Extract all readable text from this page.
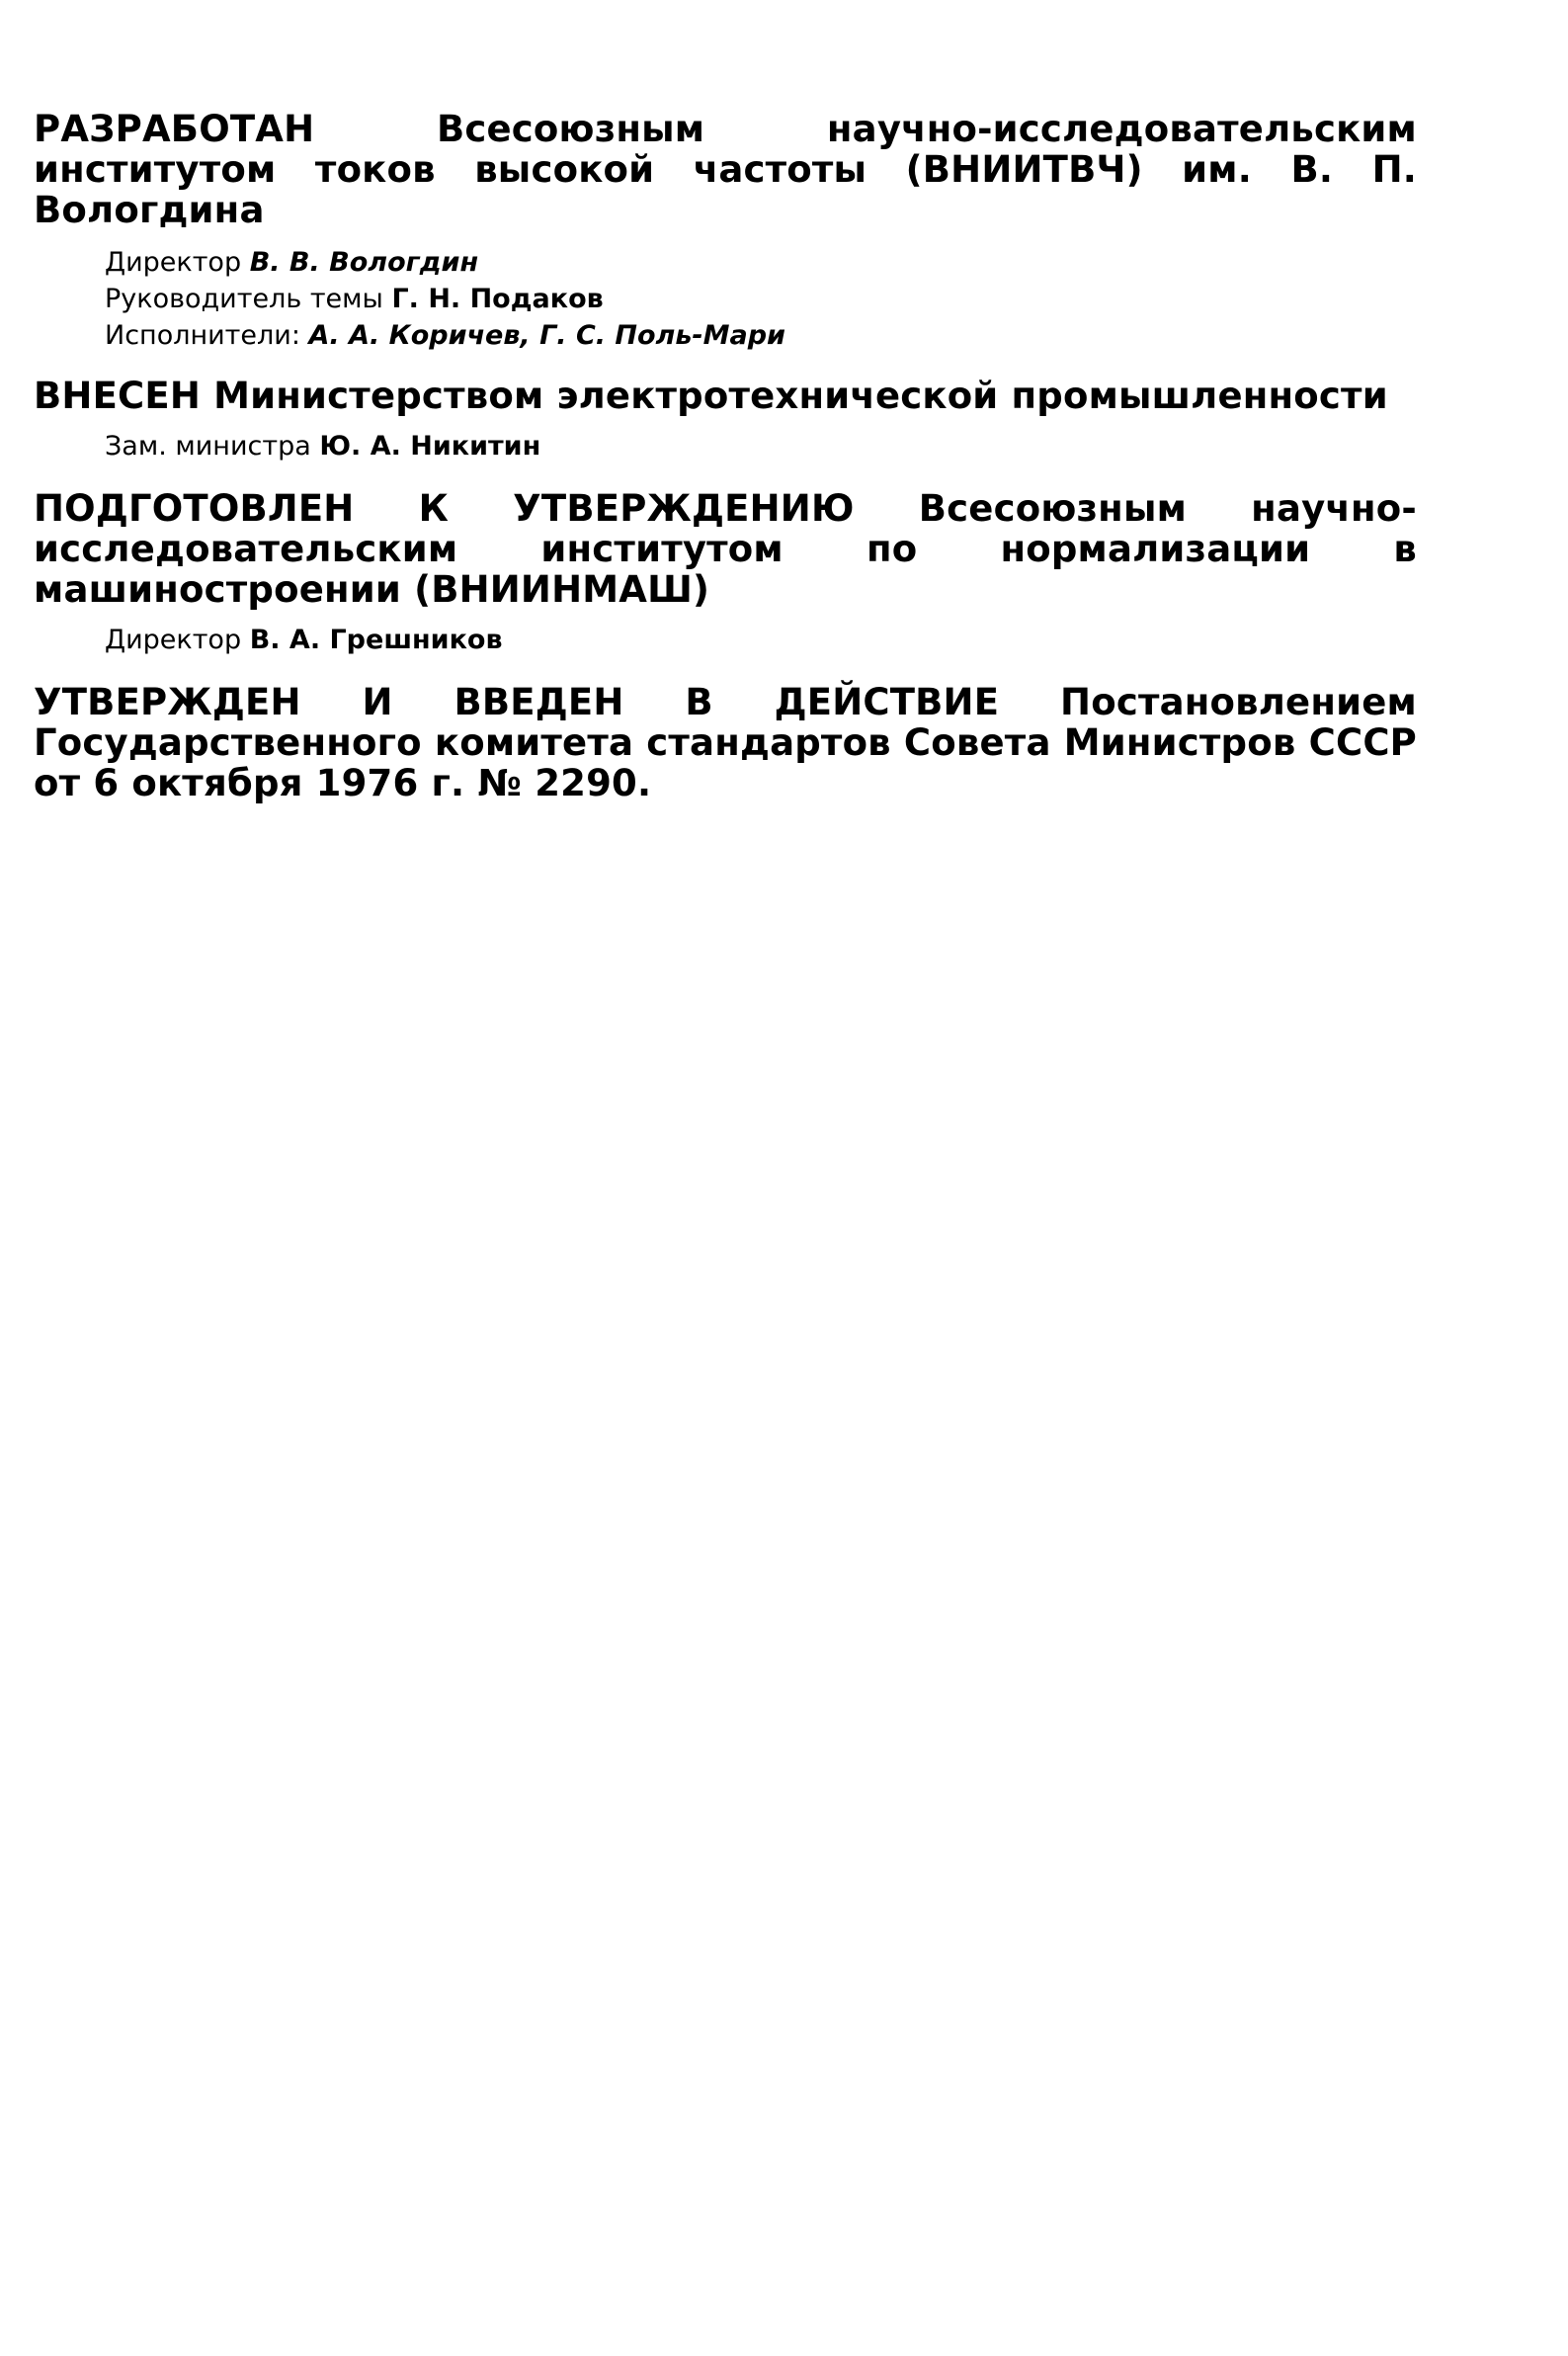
РАЗРАБОТАН	Всесоюзным научно-исследовательским институтом токов высокой частоты (ВНИИТВЧ) им. В. П. Вологдина

Директор В. В. Вологдин
Руководитель темы Г. Н. Подаков
Исполнители: А. А. Коричев, Г. С. Поль-Мари

ВНЕСЕН Министерством электротехнической промышленности

Зам. министра Ю. А. Никитин

ПОДГОТОВЛЕН К УТВЕРЖДЕНИЮ Всесоюзным научно-исследовательским институтом по нормализации в машиностроении (ВНИИНМАШ)

Директор В. А. Грешников

УТВЕРЖДЕН И ВВЕДЕН В ДЕЙСТВИЕ Постановлением Государственного комитета стандартов Совета Министров СССР от 6 октября 1976 г. № 2290.
